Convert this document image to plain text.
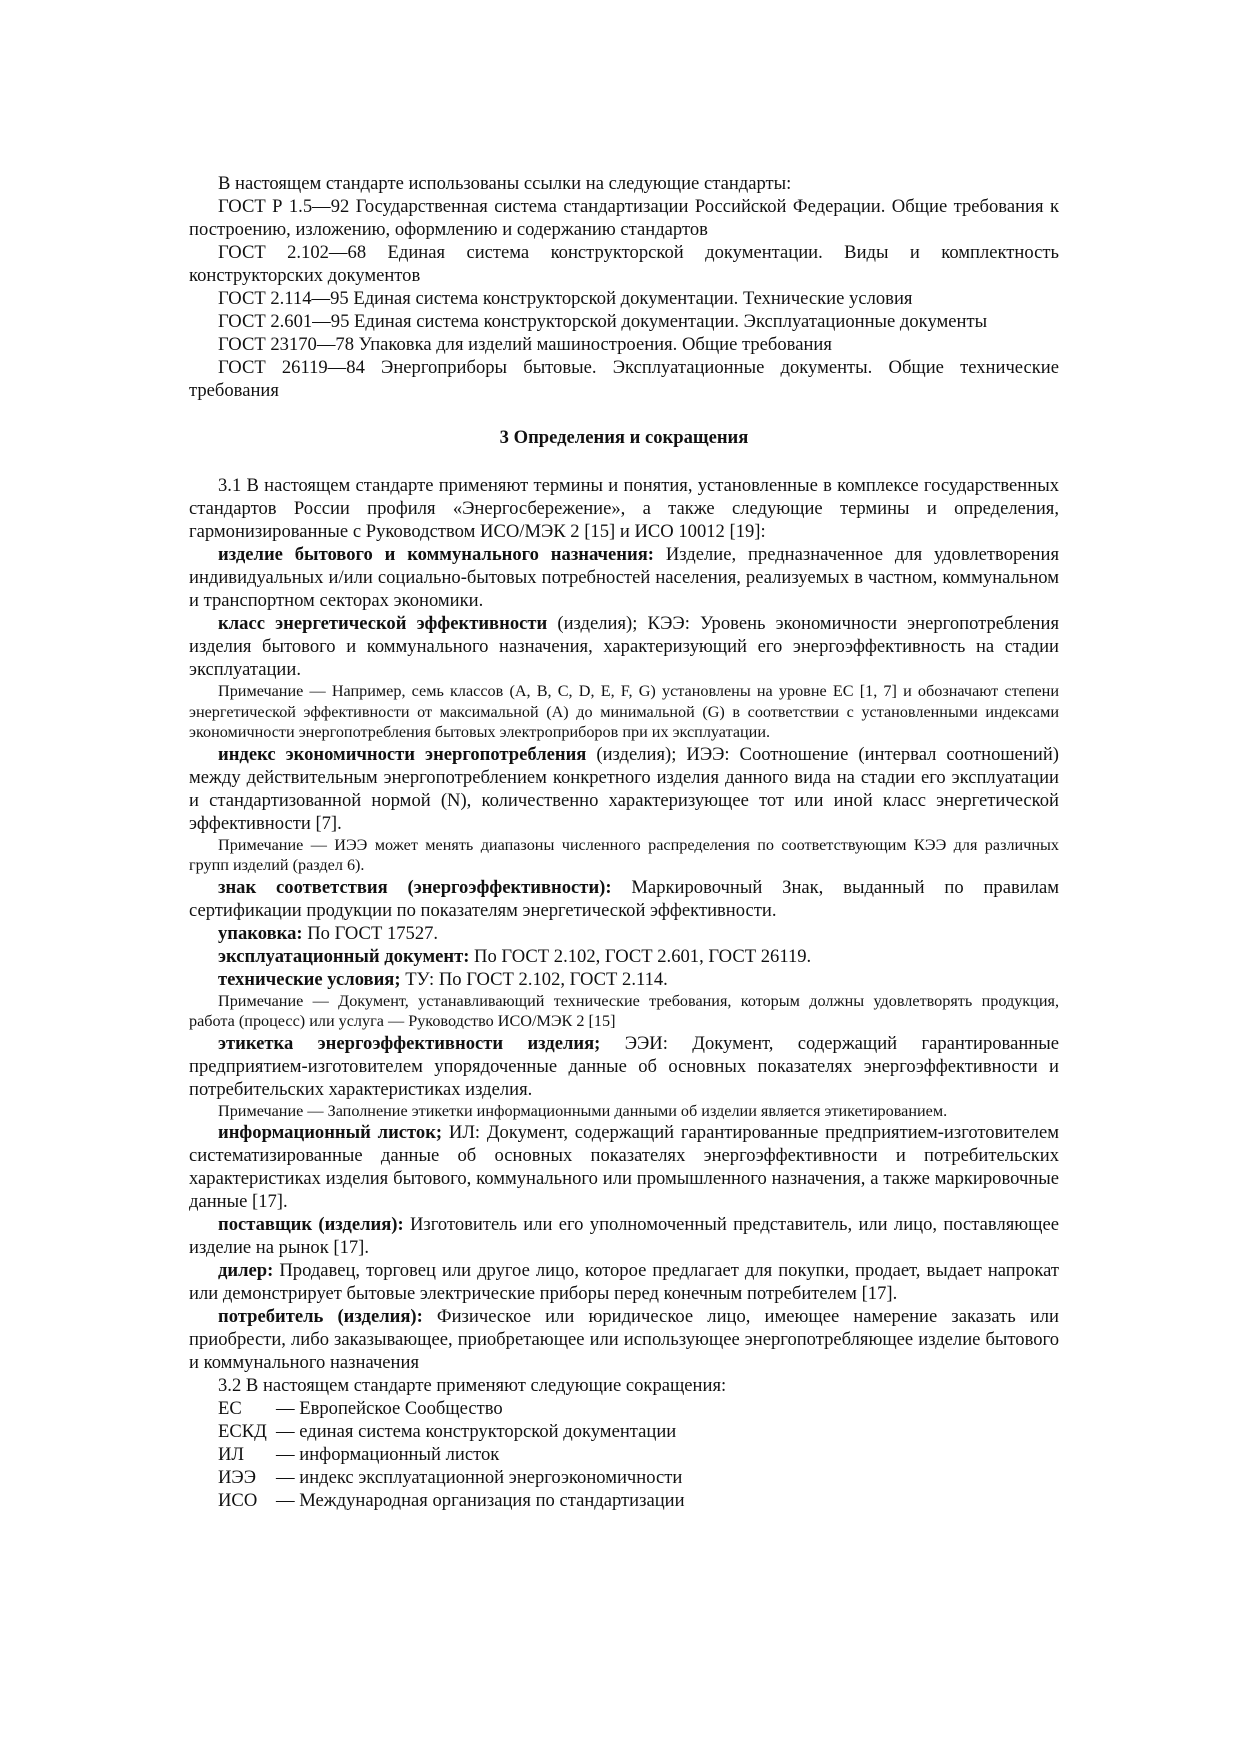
В настоящем стандарте использованы ссылки на следующие стандарты:

ГОСТ Р 1.5—92 Государственная система стандартизации Российской Федерации. Общие требования к построению, изложению, оформлению и содержанию стандартов

ГОСТ 2.102—68 Единая система конструкторской документации. Виды и комплектность конструкторских документов

ГОСТ 2.114—95 Единая система конструкторской документации. Технические условия

ГОСТ 2.601—95 Единая система конструкторской документации. Эксплуатационные документы

ГОСТ 23170—78 Упаковка для изделий машиностроения. Общие требования

ГОСТ 26119—84 Энергоприборы бытовые. Эксплуатационные документы. Общие технические требования

3 Определения и сокращения

3.1 В настоящем стандарте применяют термины и понятия, установленные в комплексе государственных стандартов России профиля «Энергосбережение», а также следующие термины и определения, гармонизированные с Руководством ИСО/МЭК 2 [15] и ИСО 10012 [19]:

изделие бытового и коммунального назначения: Изделие, предназначенное для удовлетворения индивидуальных и/или социально-бытовых потребностей населения, реализуемых в частном, коммунальном и транспортном секторах экономики.

класс энергетической эффективности (изделия); КЭЭ: Уровень экономичности энергопотребления изделия бытового и коммунального назначения, характеризующий его энергоэффективность на стадии эксплуатации.

Примечание — Например, семь классов (A, B, C, D, E, F, G) установлены на уровне ЕС [1, 7] и обозначают степени энергетической эффективности от максимальной (А) до минимальной (G) в соответствии с установленными индексами экономичности энергопотребления бытовых электроприборов при их эксплуатации.

индекс экономичности энергопотребления (изделия); ИЭЭ: Соотношение (интервал соотношений) между действительным энергопотреблением конкретного изделия данного вида на стадии его эксплуатации и стандартизованной нормой (N), количественно характеризующее тот или иной класс энергетической эффективности [7].

Примечание — ИЭЭ может менять диапазоны численного распределения по соответствующим КЭЭ для различных групп изделий (раздел 6).

знак соответствия (энергоэффективности): Маркировочный Знак, выданный по правилам сертификации продукции по показателям энергетической эффективности.

упаковка: По ГОСТ 17527.

эксплуатационный документ: По ГОСТ 2.102, ГОСТ 2.601, ГОСТ 26119.

технические условия; ТУ: По ГОСТ 2.102, ГОСТ 2.114.

Примечание — Документ, устанавливающий технические требования, которым должны удовлетворять продукция, работа (процесс) или услуга — Руководство ИСО/МЭК 2 [15]

этикетка энергоэффективности изделия; ЭЭИ: Документ, содержащий гарантированные предприятием-изготовителем упорядоченные данные об основных показателях энергоэффективности и потребительских характеристиках изделия.

Примечание — Заполнение этикетки информационными данными об изделии является этикетированием.

информационный листок; ИЛ: Документ, содержащий гарантированные предприятием-изготовителем систематизированные данные об основных показателях энергоэффективности и потребительских характеристиках изделия бытового, коммунального или промышленного назначения, а также маркировочные данные [17].

поставщик (изделия): Изготовитель или его уполномоченный представитель, или лицо, поставляющее изделие на рынок [17].

дилер: Продавец, торговец или другое лицо, которое предлагает для покупки, продает, выдает напрокат или демонстрирует бытовые электрические приборы перед конечным потребителем [17].

потребитель (изделия): Физическое или юридическое лицо, имеющее намерение заказать или приобрести, либо заказывающее, приобретающее или использующее энергопотребляющее изделие бытового и коммунального назначения

3.2 В настоящем стандарте применяют следующие сокращения:

ЕС — Европейское Сообщество
ЕСКД — единая система конструкторской документации
ИЛ — информационный листок
ИЭЭ — индекс эксплуатационной энергоэкономичности
ИСО — Международная организация по стандартизации
